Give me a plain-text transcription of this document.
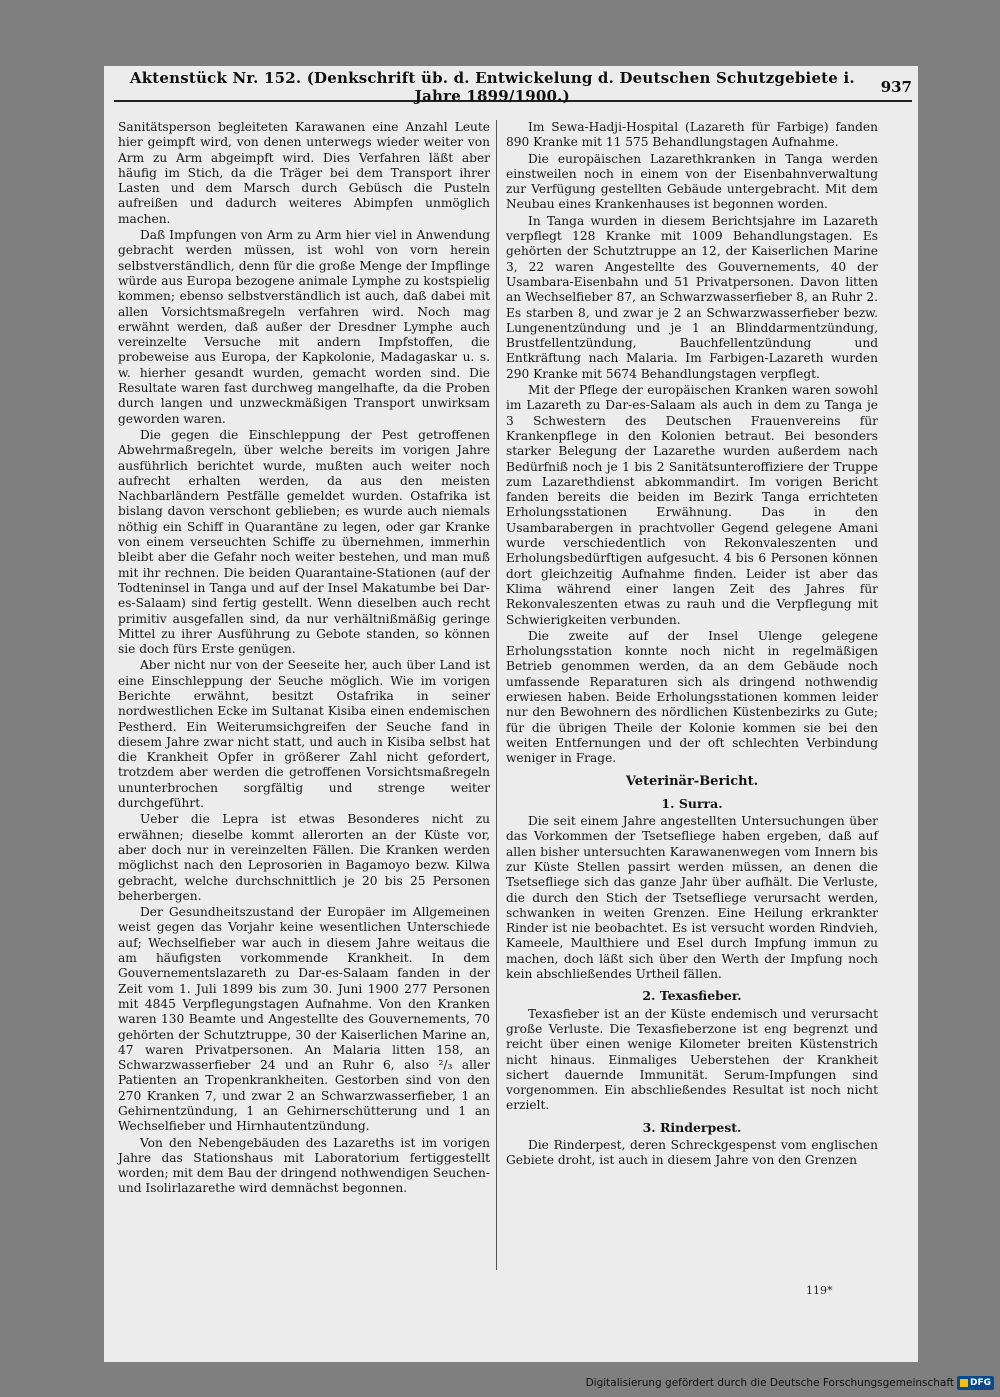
Aktenstück Nr. 152. (Denkschrift üb. d. Entwickelung d. Deutschen Schutzgebiete i. Jahre 1899/1900.)	937

Sanitätsperson begleiteten Karawanen eine Anzahl Leute hier geimpft wird, von denen unterwegs wieder weiter von Arm zu Arm abgeimpft wird. Dies Verfahren läßt aber häufig im Stich, da die Träger bei dem Transport ihrer Lasten und dem Marsch durch Gebüsch die Pusteln aufreißen und dadurch weiteres Abimpfen unmöglich machen.

Daß Impfungen von Arm zu Arm hier viel in Anwendung gebracht werden müssen, ist wohl von vorn herein selbstverständlich, denn für die große Menge der Impflinge würde aus Europa bezogene animale Lymphe zu kostspielig kommen; ebenso selbstverständlich ist auch, daß dabei mit allen Vorsichtsmaßregeln verfahren wird. Noch mag erwähnt werden, daß außer der Dresdner Lymphe auch vereinzelte Versuche mit andern Impfstoffen, die probeweise aus Europa, der Kapkolonie, Madagaskar u. s. w. hierher gesandt wurden, gemacht worden sind. Die Resultate waren fast durchweg mangelhafte, da die Proben durch langen und unzweckmäßigen Transport unwirksam geworden waren.

Die gegen die Einschleppung der Pest getroffenen Abwehrmaßregeln, über welche bereits im vorigen Jahre ausführlich berichtet wurde, mußten auch weiter noch aufrecht erhalten werden, da aus den meisten Nachbarländern Pestfälle gemeldet wurden. Ostafrika ist bislang davon verschont geblieben; es wurde auch niemals nöthig ein Schiff in Quarantäne zu legen, oder gar Kranke von einem verseuchten Schiffe zu übernehmen, immerhin bleibt aber die Gefahr noch weiter bestehen, und man muß mit ihr rechnen. Die beiden Quarantaine-Stationen (auf der Todteninsel in Tanga und auf der Insel Makatumbe bei Dar-es-Salaam) sind fertig gestellt. Wenn dieselben auch recht primitiv ausgefallen sind, da nur verhältnißmäßig geringe Mittel zu ihrer Ausführung zu Gebote standen, so können sie doch fürs Erste genügen.

Aber nicht nur von der Seeseite her, auch über Land ist eine Einschleppung der Seuche möglich. Wie im vorigen Berichte erwähnt, besitzt Ostafrika in seiner nordwestlichen Ecke im Sultanat Kisiba einen endemischen Pestherd. Ein Weiterumsichgreifen der Seuche fand in diesem Jahre zwar nicht statt, und auch in Kisiba selbst hat die Krankheit Opfer in größerer Zahl nicht gefordert, trotzdem aber werden die getroffenen Vorsichtsmaßregeln ununterbrochen sorgfältig und strenge weiter durchgeführt.

Ueber die Lepra ist etwas Besonderes nicht zu erwähnen; dieselbe kommt allerorten an der Küste vor, aber doch nur in vereinzelten Fällen. Die Kranken werden möglichst nach den Leprosorien in Bagamoyo bezw. Kilwa gebracht, welche durchschnittlich je 20 bis 25 Personen beherbergen.

Der Gesundheitszustand der Europäer im Allgemeinen weist gegen das Vorjahr keine wesentlichen Unterschiede auf; Wechselfieber war auch in diesem Jahre weitaus die am häufigsten vorkommende Krankheit. In dem Gouvernementslazareth zu Dar-es-Salaam fanden in der Zeit vom 1. Juli 1899 bis zum 30. Juni 1900 277 Personen mit 4845 Verpflegungstagen Aufnahme. Von den Kranken waren 130 Beamte und Angestellte des Gouvernements, 70 gehörten der Schutztruppe, 30 der Kaiserlichen Marine an, 47 waren Privatpersonen. An Malaria litten 158, an Schwarzwasserfieber 24 und an Ruhr 6, also ²/₃ aller Patienten an Tropenkrankheiten. Gestorben sind von den 270 Kranken 7, und zwar 2 an Schwarzwasserfieber, 1 an Gehirnentzündung, 1 an Gehirnerschütterung und 1 an Wechselfieber und Hirnhautentzündung.

Von den Nebengebäuden des Lazareths ist im vorigen Jahre das Stationshaus mit Laboratorium fertiggestellt worden; mit dem Bau der dringend nothwendigen Seuchen- und Isolirlazarethe wird demnächst begonnen.

Im Sewa-Hadji-Hospital (Lazareth für Farbige) fanden 890 Kranke mit 11 575 Behandlungstagen Aufnahme.

Die europäischen Lazarethkranken in Tanga werden einstweilen noch in einem von der Eisenbahnverwaltung zur Verfügung gestellten Gebäude untergebracht. Mit dem Neubau eines Krankenhauses ist begonnen worden.

In Tanga wurden in diesem Berichtsjahre im Lazareth verpflegt 128 Kranke mit 1009 Behandlungstagen. Es gehörten der Schutztruppe an 12, der Kaiserlichen Marine 3, 22 waren Angestellte des Gouvernements, 40 der Usambara-Eisenbahn und 51 Privatpersonen. Davon litten an Wechselfieber 87, an Schwarzwasserfieber 8, an Ruhr 2. Es starben 8, und zwar je 2 an Schwarzwasserfieber bezw. Lungenentzündung und je 1 an Blinddarmentzündung, Brustfellentzündung, Bauchfellentzündung und Entkräftung nach Malaria. Im Farbigen-Lazareth wurden 290 Kranke mit 5674 Behandlungstagen verpflegt.

Mit der Pflege der europäischen Kranken waren sowohl im Lazareth zu Dar-es-Salaam als auch in dem zu Tanga je 3 Schwestern des Deutschen Frauenvereins für Krankenpflege in den Kolonien betraut. Bei besonders starker Belegung der Lazarethe wurden außerdem nach Bedürfniß noch je 1 bis 2 Sanitätsunteroffiziere der Truppe zum Lazarethdienst abkommandirt. Im vorigen Bericht fanden bereits die beiden im Bezirk Tanga errichteten Erholungsstationen Erwähnung. Das in den Usambarabergen in prachtvoller Gegend gelegene Amani wurde verschiedentlich von Rekonvaleszenten und Erholungsbedürftigen aufgesucht. 4 bis 6 Personen können dort gleichzeitig Aufnahme finden. Leider ist aber das Klima während einer langen Zeit des Jahres für Rekonvaleszenten etwas zu rauh und die Verpflegung mit Schwierigkeiten verbunden.

Die zweite auf der Insel Ulenge gelegene Erholungsstation konnte noch nicht in regelmäßigen Betrieb genommen werden, da an dem Gebäude noch umfassende Reparaturen sich als dringend nothwendig erwiesen haben. Beide Erholungsstationen kommen leider nur den Bewohnern des nördlichen Küstenbezirks zu Gute; für die übrigen Theile der Kolonie kommen sie bei den weiten Entfernungen und der oft schlechten Verbindung weniger in Frage.

Veterinär-Bericht.
1. Surra.

Die seit einem Jahre angestellten Untersuchungen über das Vorkommen der Tsetsefliege haben ergeben, daß auf allen bisher untersuchten Karawanenwegen vom Innern bis zur Küste Stellen passirt werden müssen, an denen die Tsetsefliege sich das ganze Jahr über aufhält. Die Verluste, die durch den Stich der Tsetsefliege verursacht werden, schwanken in weiten Grenzen. Eine Heilung erkrankter Rinder ist nie beobachtet. Es ist versucht worden Rindvieh, Kameele, Maulthiere und Esel durch Impfung immun zu machen, doch läßt sich über den Werth der Impfung noch kein abschließendes Urtheil fällen.

2. Texasfieber.

Texasfieber ist an der Küste endemisch und verursacht große Verluste. Die Texasfieberzone ist eng begrenzt und reicht über einen wenige Kilometer breiten Küstenstrich nicht hinaus. Einmaliges Ueberstehen der Krankheit sichert dauernde Immunität. Serum-Impfungen sind vorgenommen. Ein abschließendes Resultat ist noch nicht erzielt.

3. Rinderpest.

Die Rinderpest, deren Schreckgespenst vom englischen Gebiete droht, ist auch in diesem Jahre von den Grenzen

119*
Digitalisierung gefördert durch die Deutsche Forschungsgemeinschaft DFG
